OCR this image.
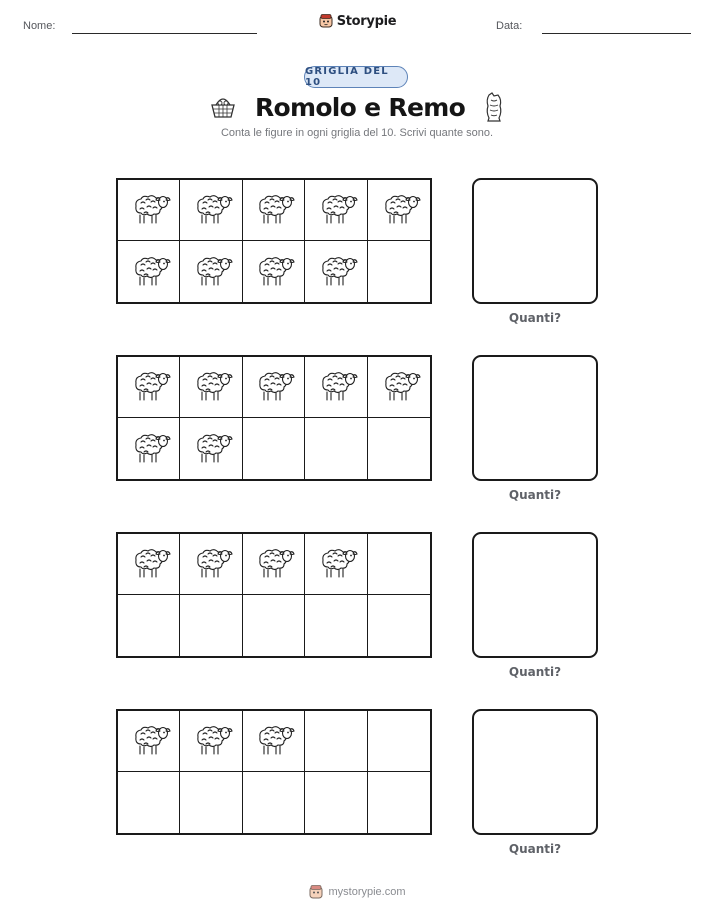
Nome:	Storypie	Data:
GRIGLIA DEL 10
Romolo e Remo
Conta le figure in ogni griglia del 10. Scrivi quante sono.
Quanti?
Quanti?
Quanti?
Quanti?
mystorypie.com
